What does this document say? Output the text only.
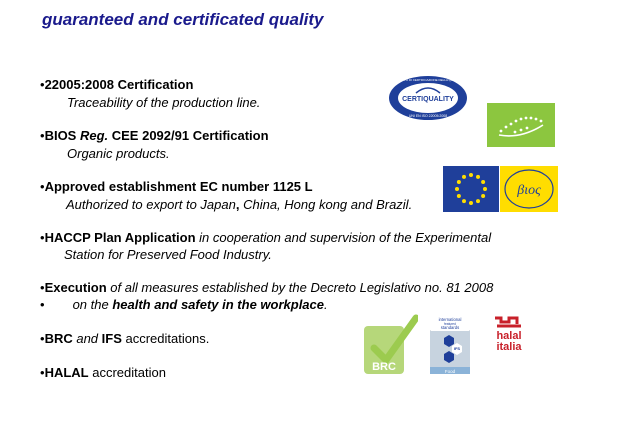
guaranteed and certificated quality
•22005:2008 Certification
Traceability of the production line.
•BIOS Reg. CEE 2092/91 Certification
Organic products.
•Approved establishment EC number 1125 L
Authorized to export to Japan, China, Hong kong and Brazil.
•HACCP Plan Application in cooperation and supervision of the Experimental
Station for Preserved Food Industry.
•Execution of all measures established by the Decreto Legislativo no. 81 2008
• on the health and safety in the workplace.
•BRC and IFS accreditations.
•HALAL accreditation
CERTIQUALITY
ISTITUTO DI CERTIFICAZIONE DELLA QUALITÀ
UNI EN ISO 22005:2008
βιος
BRC
international
featured
standards
IFS
Food
halal
italia
